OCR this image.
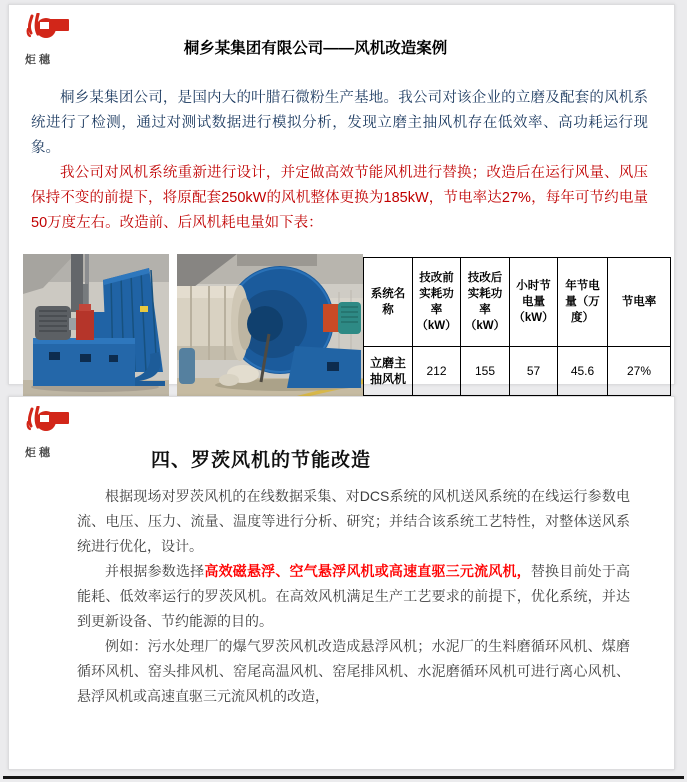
炬穗
桐乡某集团有限公司——风机改造案例

桐乡某集团公司，是国内大的叶腊石微粉生产基地。我公司对该企业的立磨及配套的风机系统进行了检测，通过对测试数据进行模拟分析，发现立磨主抽风机存在低效率、高功耗运行现象。

我公司对风机系统重新进行设计，并定做高效节能风机进行替换；改造后在运行风量、风压保持不变的前提下，将原配套250kW的风机整体更换为185kW，节电率达27%，每年可节约电量50万度左右。改造前、后风机耗电量如下表：

系统名称	技改前实耗功率（kW）	技改后实耗功率（kW）	小时节电量（kW）	年节电量（万度）	节电率
立磨主抽风机	212	155	57	45.6	27%
炬穗	四、罗茨风机的节能改造

根据现场对罗茨风机的在线数据采集、对DCS系统的风机送风系统的在线运行参数电流、电压、压力、流量、温度等进行分析、研究；并结合该系统工艺特性，对整体送风系统进行优化，设计。

并根据参数选择高效磁悬浮、空气悬浮风机或高速直驱三元流风机，替换目前处于高能耗、低效率运行的罗茨风机。在高效风机满足生产工艺要求的前提下，优化系统，并达到更新设备、节约能源的目的。

例如：污水处理厂的爆气罗茨风机改造成悬浮风机；水泥厂的生料磨循环风机、煤磨循环风机、窑头排风机、窑尾高温风机、窑尾排风机、水泥磨循环风机可进行离心风机、悬浮风机或高速直驱三元流风机的改造，
